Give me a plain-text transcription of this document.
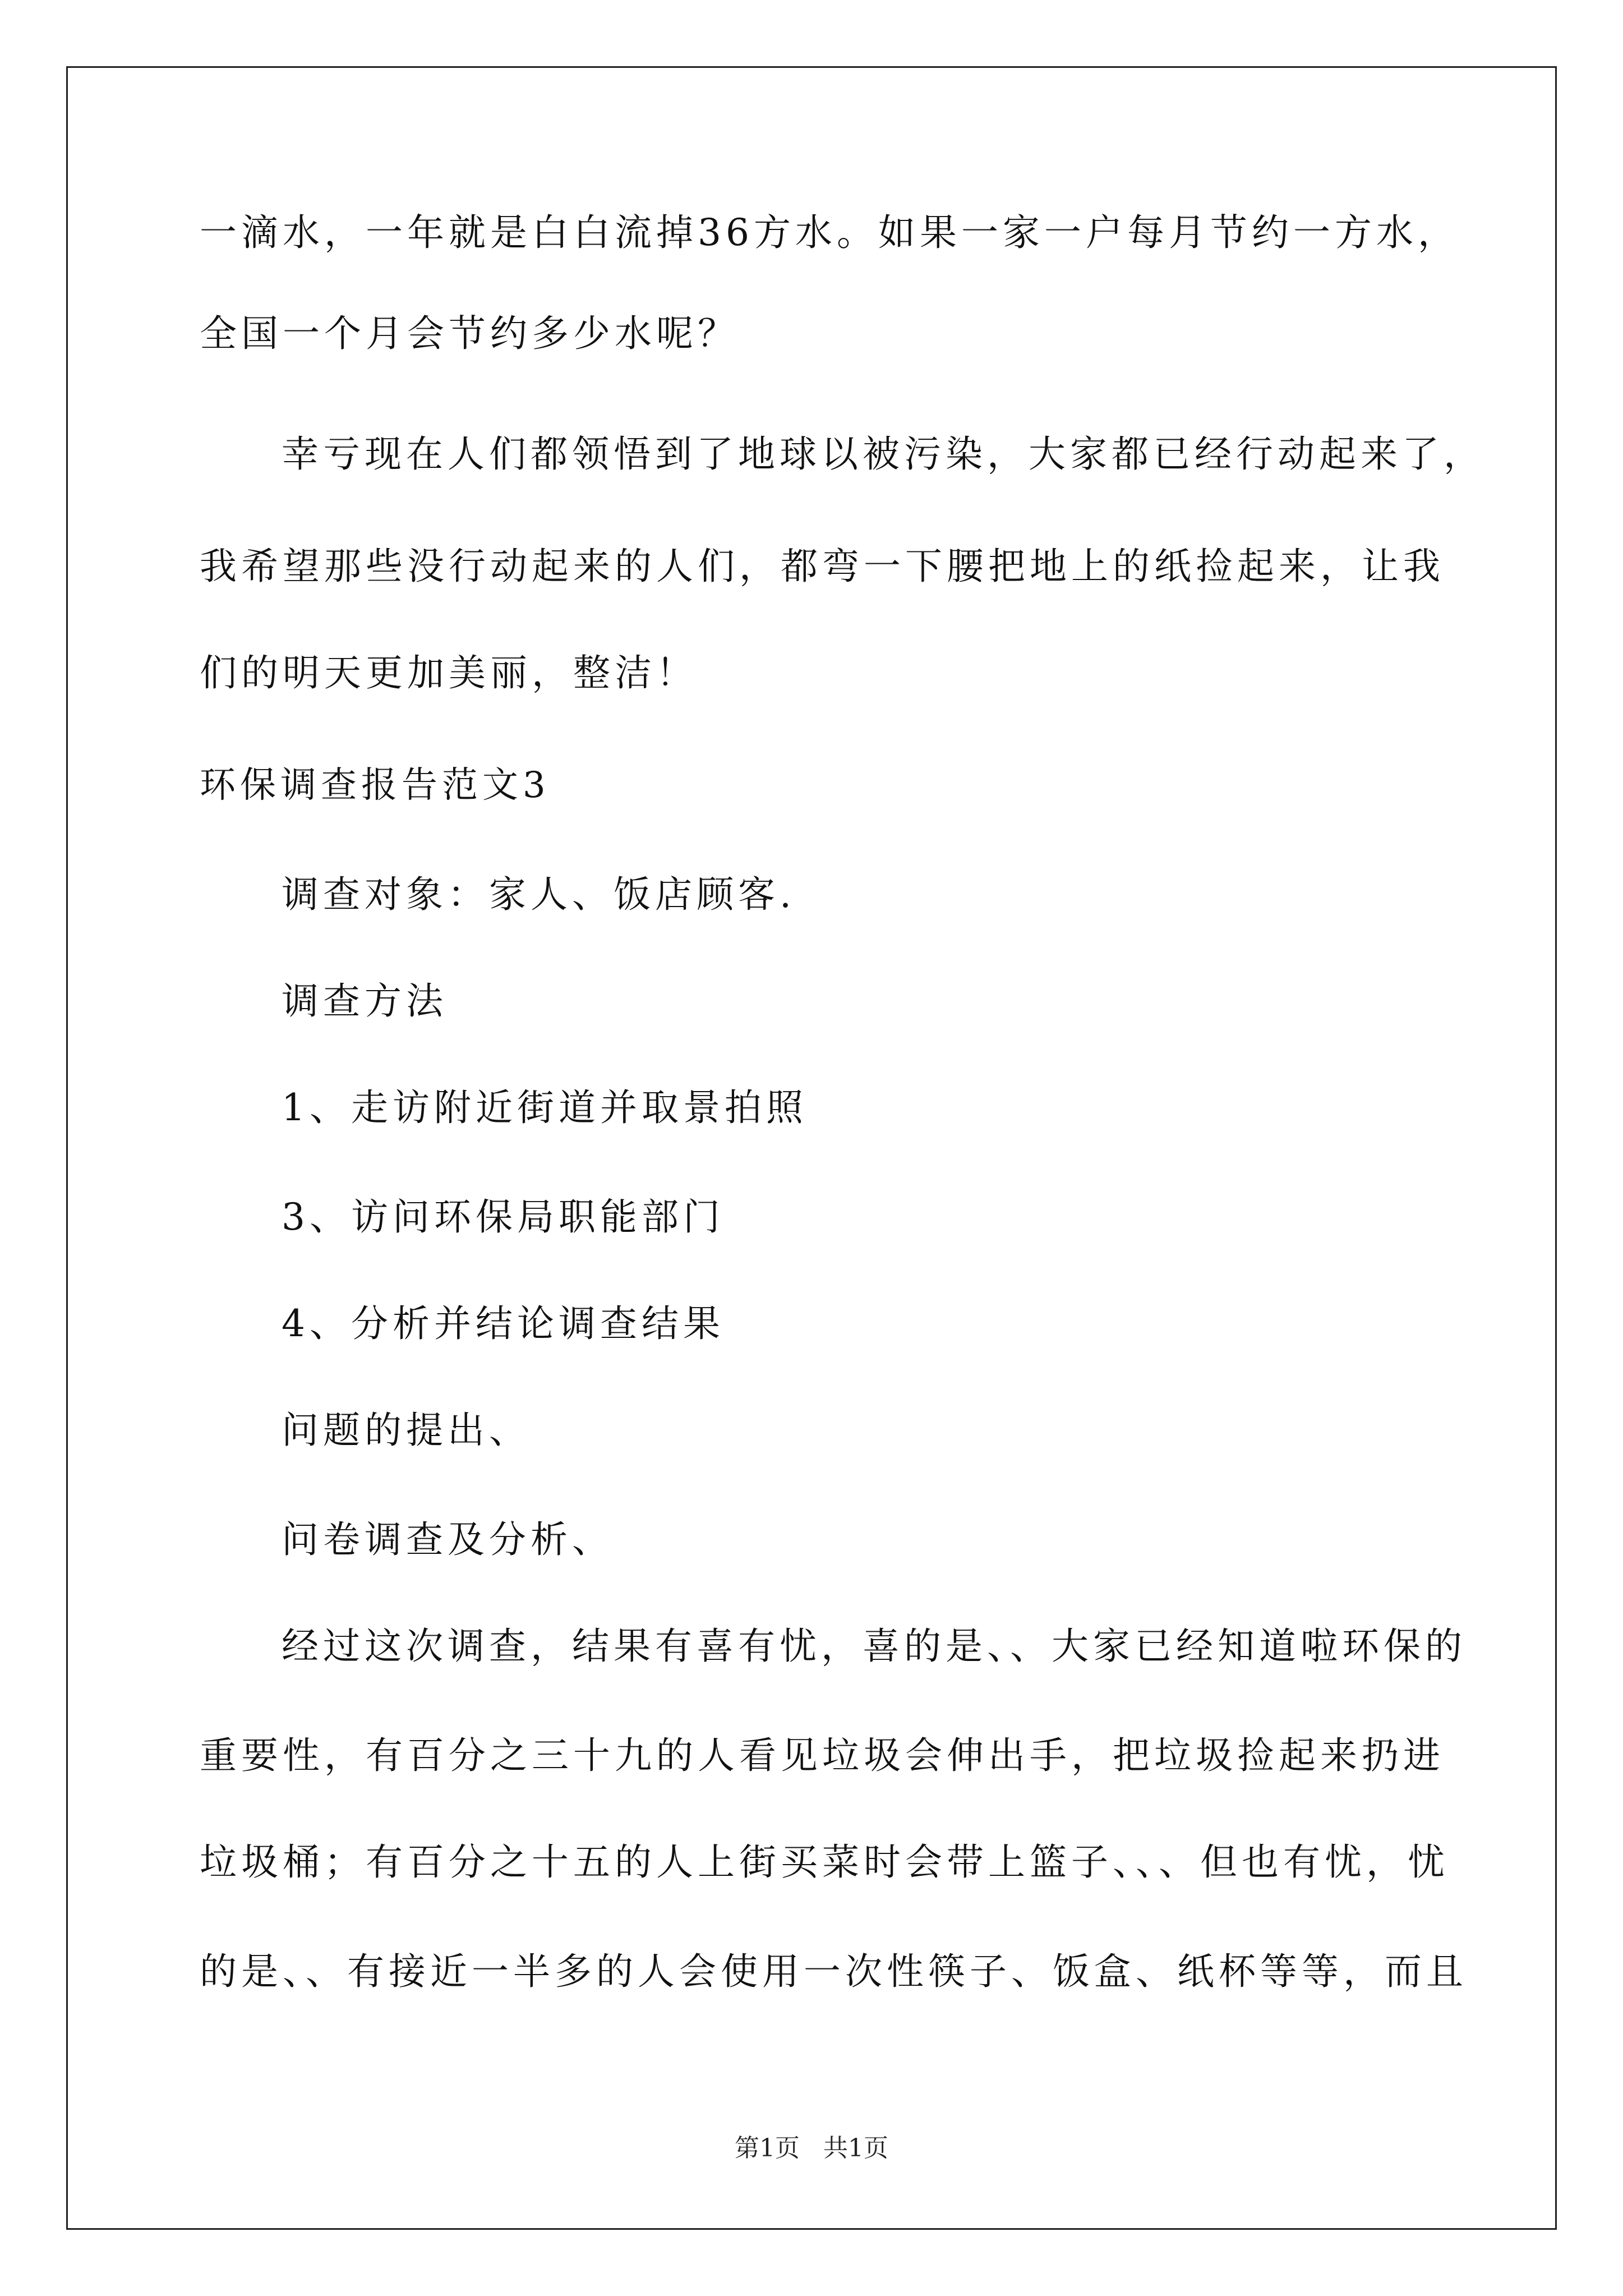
一滴水，一年就是白白流掉36方水。如果一家一户每月节约一方水，
全国一个月会节约多少水呢？
幸亏现在人们都领悟到了地球以被污染，大家都已经行动起来了，
我希望那些没行动起来的人们，都弯一下腰把地上的纸捡起来，让我
们的明天更加美丽，整洁！
环保调查报告范文3
调查对象：家人、饭店顾客.
调查方法
1、走访附近街道并取景拍照
3、访问环保局职能部门
4、分析并结论调查结果
问题的提出、
问卷调查及分析、
经过这次调查，结果有喜有忧，喜的是、、大家已经知道啦环保的
重要性，有百分之三十九的人看见垃圾会伸出手，把垃圾捡起来扔进
垃圾桶；有百分之十五的人上街买菜时会带上篮子、、、但也有忧，忧
的是、、有接近一半多的人会使用一次性筷子、饭盒、纸杯等等，而且
第1页   共1页
